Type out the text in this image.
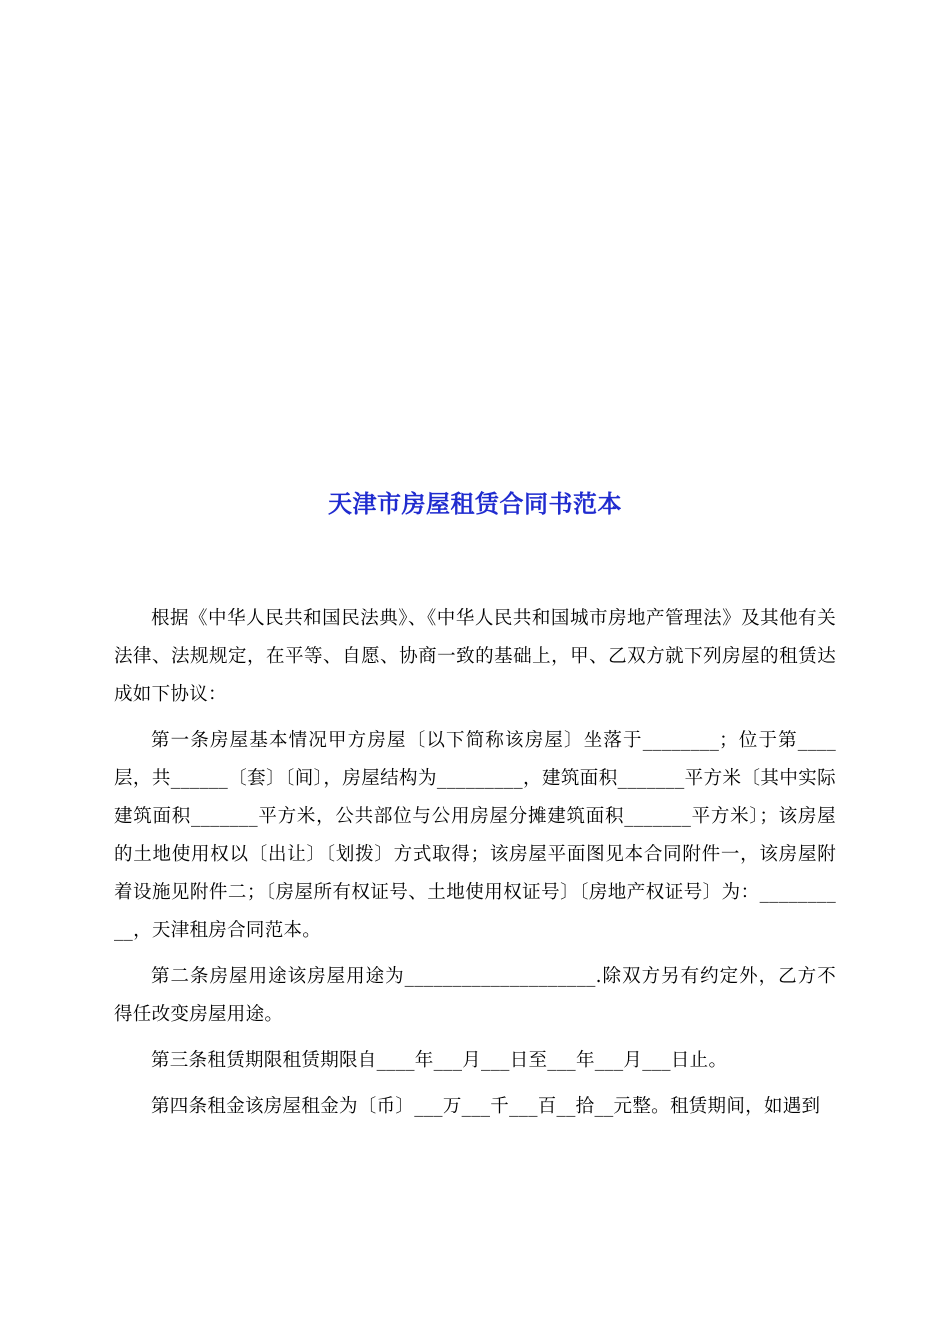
天津市房屋租赁合同书范本

根据《中华人民共和国民法典》、《中华人民共和国城市房地产管理法》及其他有关法律、法规规定，在平等、自愿、协商一致的基础上，甲、乙双方就下列房屋的租赁达成如下协议：

第一条房屋基本情况甲方房屋〔以下简称该房屋〕坐落于________；位于第____层，共______〔套〕〔间〕，房屋结构为_________，建筑面积_______平方米〔其中实际建筑面积_______平方米，公共部位与公用房屋分摊建筑面积_______平方米〕；该房屋的土地使用权以〔出让〕〔划拨〕方式取得；该房屋平面图见本合同附件一，该房屋附着设施见附件二；〔房屋所有权证号、土地使用权证号〕〔房地产权证号〕为：__________，天津租房合同范本。

第二条房屋用途该房屋用途为____________________.除双方另有约定外，乙方不得任改变房屋用途。

第三条租赁期限租赁期限自____年___月___日至___年___月___日止。

第四条租金该房屋租金为〔币〕___万___千___百__拾__元整。租赁期间，如遇到
